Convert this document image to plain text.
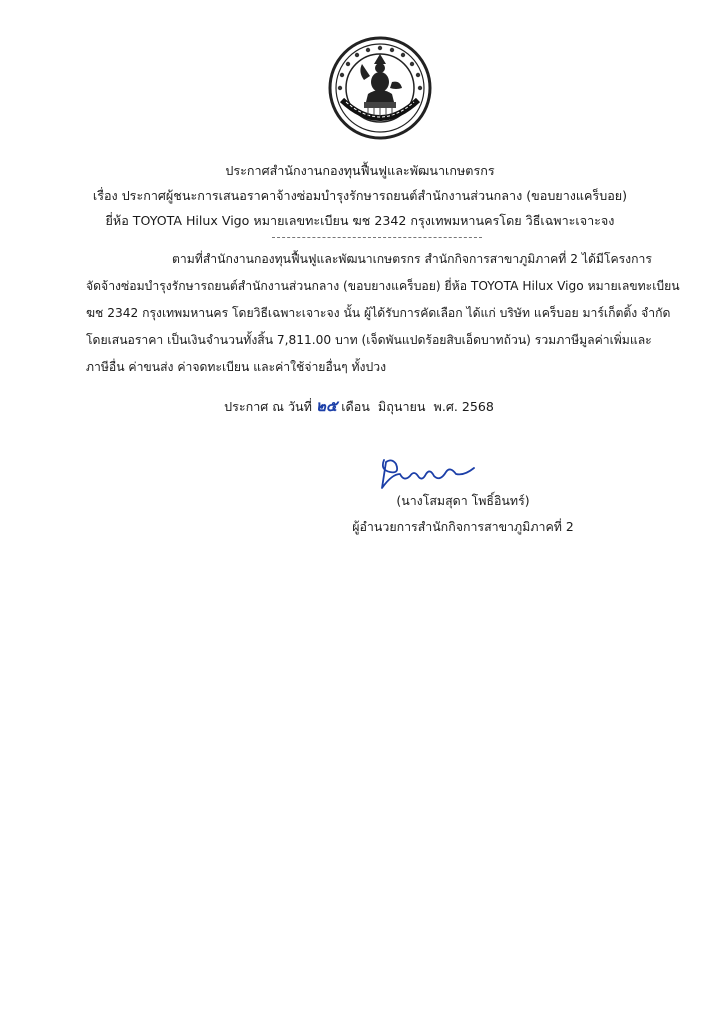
ประกาศสำนักงานกองทุนฟื้นฟูและพัฒนาเกษตรกร
เรื่อง ประกาศผู้ชนะการเสนอราคาจ้างซ่อมบำรุงรักษารถยนต์สำนักงานส่วนกลาง (ขอบยางแคร็บอย)
ยี่ห้อ TOYOTA Hilux Vigo หมายเลขทะเบียน ฆช 2342 กรุงเทพมหานครโดย วิธีเฉพาะเจาะจง
ตามที่สำนักงานกองทุนฟื้นฟูและพัฒนาเกษตรกร สำนักกิจการสาขาภูมิภาคที่ 2 ได้มีโครงการ
จัดจ้างซ่อมบำรุงรักษารถยนต์สำนักงานส่วนกลาง (ขอบยางแคร็บอย) ยี่ห้อ TOYOTA Hilux Vigo หมายเลขทะเบียน
ฆช 2342 กรุงเทพมหานคร โดยวิธีเฉพาะเจาะจง นั้น ผู้ได้รับการคัดเลือก ได้แก่ บริษัท แคร็บอย มาร์เก็ตติ้ง จำกัด
โดยเสนอราคา เป็นเงินจำนวนทั้งสิ้น 7,811.00 บาท (เจ็ดพันแปดร้อยสิบเอ็ดบาทถ้วน) รวมภาษีมูลค่าเพิ่มและ
ภาษีอื่น ค่าขนส่ง ค่าจดทะเบียน และค่าใช้จ่ายอื่นๆ ทั้งปวง
ประกาศ ณ วันที่ ๒๕ เดือน มิถุนายน พ.ศ. 2568
(นางโสมสุดา โพธิ์อินทร์)
ผู้อำนวยการสำนักกิจการสาขาภูมิภาคที่ 2
